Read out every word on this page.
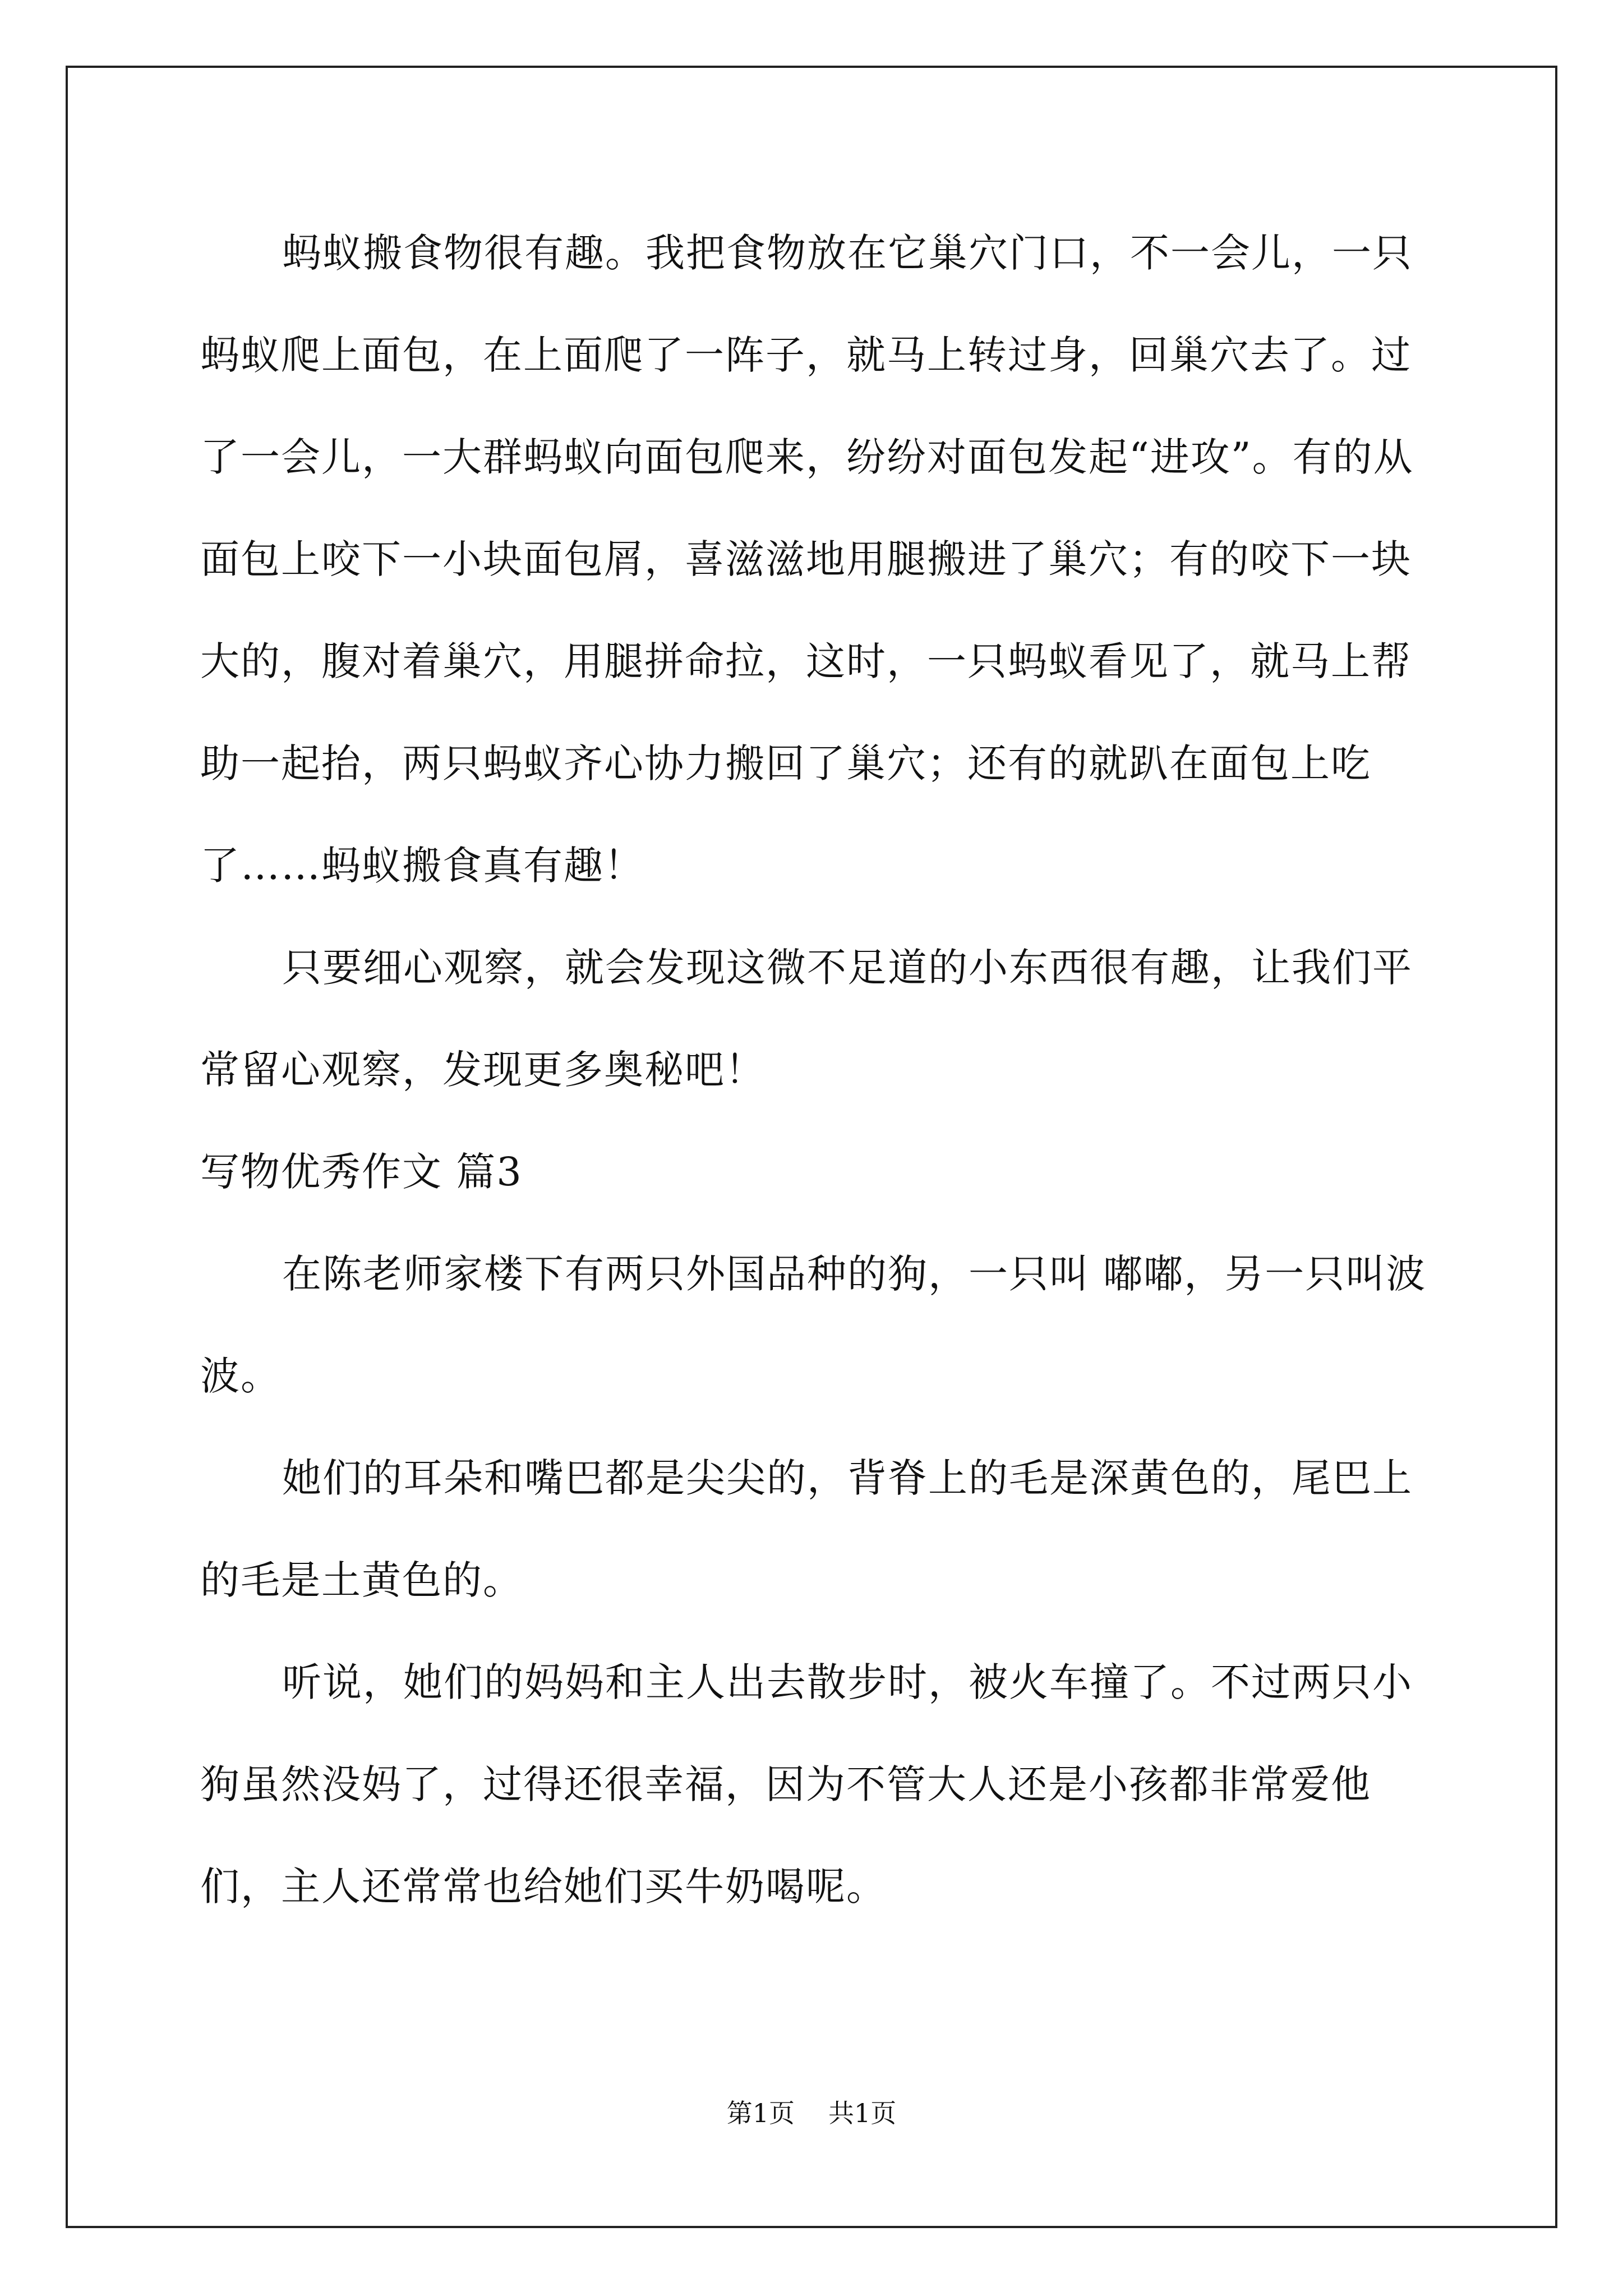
蚂蚁搬食物很有趣。我把食物放在它巢穴门口，不一会儿，一只蚂蚁爬上面包，在上面爬了一阵子，就马上转过身，回巢穴去了。过了一会儿，一大群蚂蚁向面包爬来，纷纷对面包发起“进攻”。有的从面包上咬下一小块面包屑，喜滋滋地用腿搬进了巢穴；有的咬下一块大的，腹对着巢穴，用腿拼命拉，这时，一只蚂蚁看见了，就马上帮助一起抬，两只蚂蚁齐心协力搬回了巢穴；还有的就趴在面包上吃了……蚂蚁搬食真有趣！

只要细心观察，就会发现这微不足道的小东西很有趣，让我们平常留心观察，发现更多奥秘吧！

写物优秀作文 篇3

在陈老师家楼下有两只外国品种的狗，一只叫 嘟嘟，另一只叫波波。

她们的耳朵和嘴巴都是尖尖的，背脊上的毛是深黄色的，尾巴上的毛是土黄色的。

听说，她们的妈妈和主人出去散步时，被火车撞了。不过两只小狗虽然没妈了，过得还很幸福，因为不管大人还是小孩都非常爱他们，主人还常常也给她们买牛奶喝呢。

第1页 共1页
